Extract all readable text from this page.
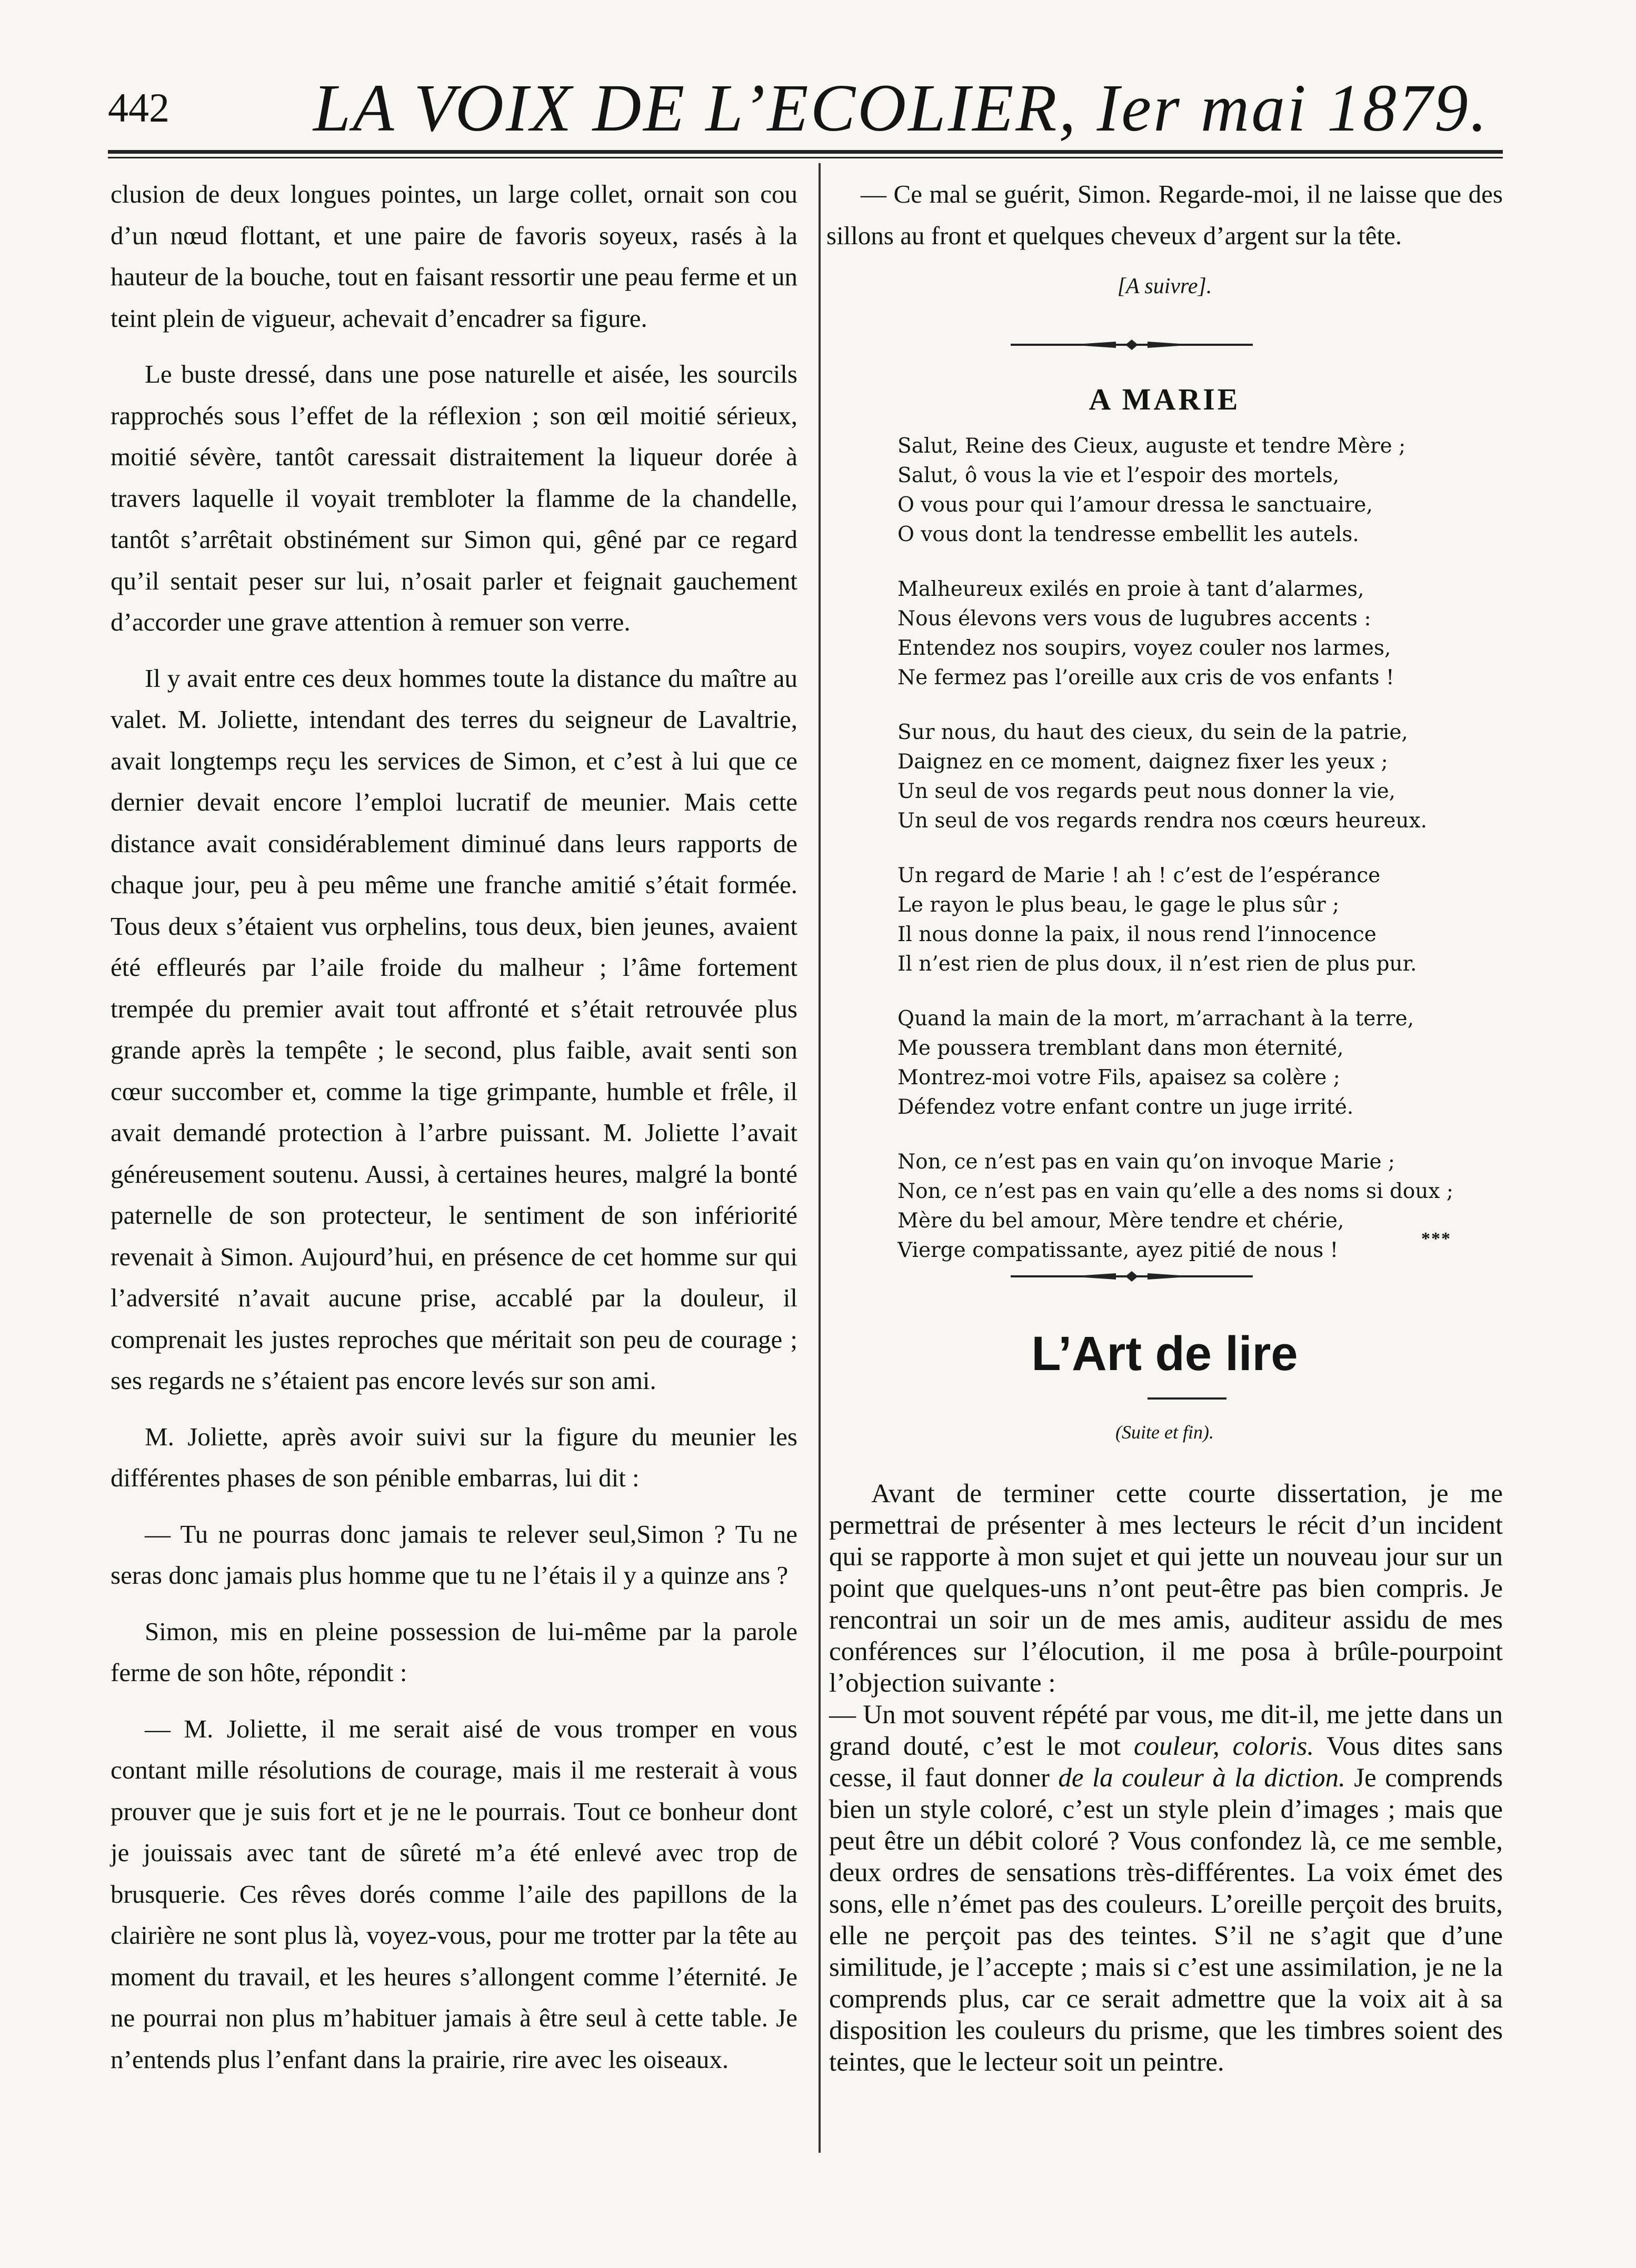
442 LA VOIX DE L’ECOLIER, Ier mai 1879.

clusion de deux longues pointes, un large collet, ornait son cou d’un nœud flottant, et une paire de favoris soyeux, rasés à la hauteur de la bouche, tout en faisant ressortir une peau ferme et un teint plein de vigueur, achevait d’encadrer sa figure.

Le buste dressé, dans une pose naturelle et aisée, les sourcils rapprochés sous l’effet de la réflexion ; son œil moitié sérieux, moitié sévère, tantôt caressait distraitement la liqueur dorée à travers laquelle il voyait trembloter la flamme de la chandelle, tantôt s’arrêtait obstinément sur Simon qui, gêné par ce regard qu’il sentait peser sur lui, n’osait parler et feignait gauchement d’accorder une grave attention à remuer son verre.

Il y avait entre ces deux hommes toute la distance du maître au valet. M. Joliette, intendant des terres du seigneur de Lavaltrie, avait longtemps reçu les services de Simon, et c’est à lui que ce dernier devait encore l’emploi lucratif de meunier. Mais cette distance avait considérablement diminué dans leurs rapports de chaque jour, peu à peu même une franche amitié s’était formée. Tous deux s’étaient vus orphelins, tous deux, bien jeunes, avaient été effleurés par l’aile froide du malheur ; l’âme fortement trempée du premier avait tout affronté et s’était retrouvée plus grande après la tempête ; le second, plus faible, avait senti son cœur succomber et, comme la tige grimpante, humble et frêle, il avait demandé protection à l’arbre puissant. M. Joliette l’avait généreusement soutenu. Aussi, à certaines heures, malgré la bonté paternelle de son protecteur, le sentiment de son infériorité revenait à Simon. Aujourd’hui, en présence de cet homme sur qui l’adversité n’avait aucune prise, accablé par la douleur, il comprenait les justes reproches que méritait son peu de courage ; ses regards ne s’étaient pas encore levés sur son ami.

M. Joliette, après avoir suivi sur la figure du meunier les différentes phases de son pénible embarras, lui dit :

— Tu ne pourras donc jamais te relever seul,Simon ? Tu ne seras donc jamais plus homme que tu ne l’étais il y a quinze ans ?

Simon, mis en pleine possession de lui-même par la parole ferme de son hôte, répondit :

— M. Joliette, il me serait aisé de vous tromper en vous contant mille résolutions de courage, mais il me resterait à vous prouver que je suis fort et je ne le pourrais. Tout ce bonheur dont je jouissais avec tant de sûreté m’a été enlevé avec trop de brusquerie. Ces rêves dorés comme l’aile des papillons de la clairière ne sont plus là, voyez-vous, pour me trotter par la tête au moment du travail, et les heures s’allongent comme l’éternité. Je ne pourrai non plus m’habituer jamais à être seul à cette table. Je n’entends plus l’enfant dans la prairie, rire avec les oiseaux.

— Ce mal se guérit, Simon. Regarde-moi, il ne laisse que des sillons au front et quelques cheveux d’argent sur la tête.

[A suivre].
A MARIE
Salut, Reine des Cieux, auguste et tendre Mère ;
Salut, ô vous la vie et l’espoir des mortels,
O vous pour qui l’amour dressa le sanctuaire,
O vous dont la tendresse embellit les autels.
Malheureux exilés en proie à tant d’alarmes,
Nous élevons vers vous de lugubres accents :
Entendez nos soupirs, voyez couler nos larmes,
Ne fermez pas l’oreille aux cris de vos enfants !
Sur nous, du haut des cieux, du sein de la patrie,
Daignez en ce moment, daignez fixer les yeux ;
Un seul de vos regards peut nous donner la vie,
Un seul de vos regards rendra nos cœurs heureux.
Un regard de Marie ! ah ! c’est de l’espérance
Le rayon le plus beau, le gage le plus sûr ;
Il nous donne la paix, il nous rend l’innocence
Il n’est rien de plus doux, il n’est rien de plus pur.
Quand la main de la mort, m’arrachant à la terre,
Me poussera tremblant dans mon éternité,
Montrez-moi votre Fils, apaisez sa colère ;
Défendez votre enfant contre un juge irrité.
Non, ce n’est pas en vain qu’on invoque Marie ;
Non, ce n’est pas en vain qu’elle a des noms si doux ;
Mère du bel amour, Mère tendre et chérie,
Vierge compatissante, ayez pitié de nous !	***
L’Art de lire
(Suite et fin).

Avant de terminer cette courte dissertation, je me permettrai de présenter à mes lecteurs le récit d’un incident qui se rapporte à mon sujet et qui jette un nouveau jour sur un point que quelques-uns n’ont peut-être pas bien compris. Je rencontrai un soir un de mes amis, auditeur assidu de mes conférences sur l’élocution, il me posa à brûle-pourpoint l’objection suivante :

— Un mot souvent répété par vous, me dit-il, me jette dans un grand douté, c’est le mot couleur, coloris. Vous dites sans cesse, il faut donner de la couleur à la diction. Je comprends bien un style coloré, c’est un style plein d’images ; mais que peut être un débit coloré ? Vous confondez là, ce me semble, deux ordres de sensations très-différentes. La voix émet des sons, elle n’émet pas des couleurs. L’oreille perçoit des bruits, elle ne perçoit pas des teintes. S’il ne s’agit que d’une similitude, je l’accepte ; mais si c’est une assimilation, je ne la comprends plus, car ce serait admettre que la voix ait à sa disposition les couleurs du prisme, que les timbres soient des teintes, que le lecteur soit un peintre.
